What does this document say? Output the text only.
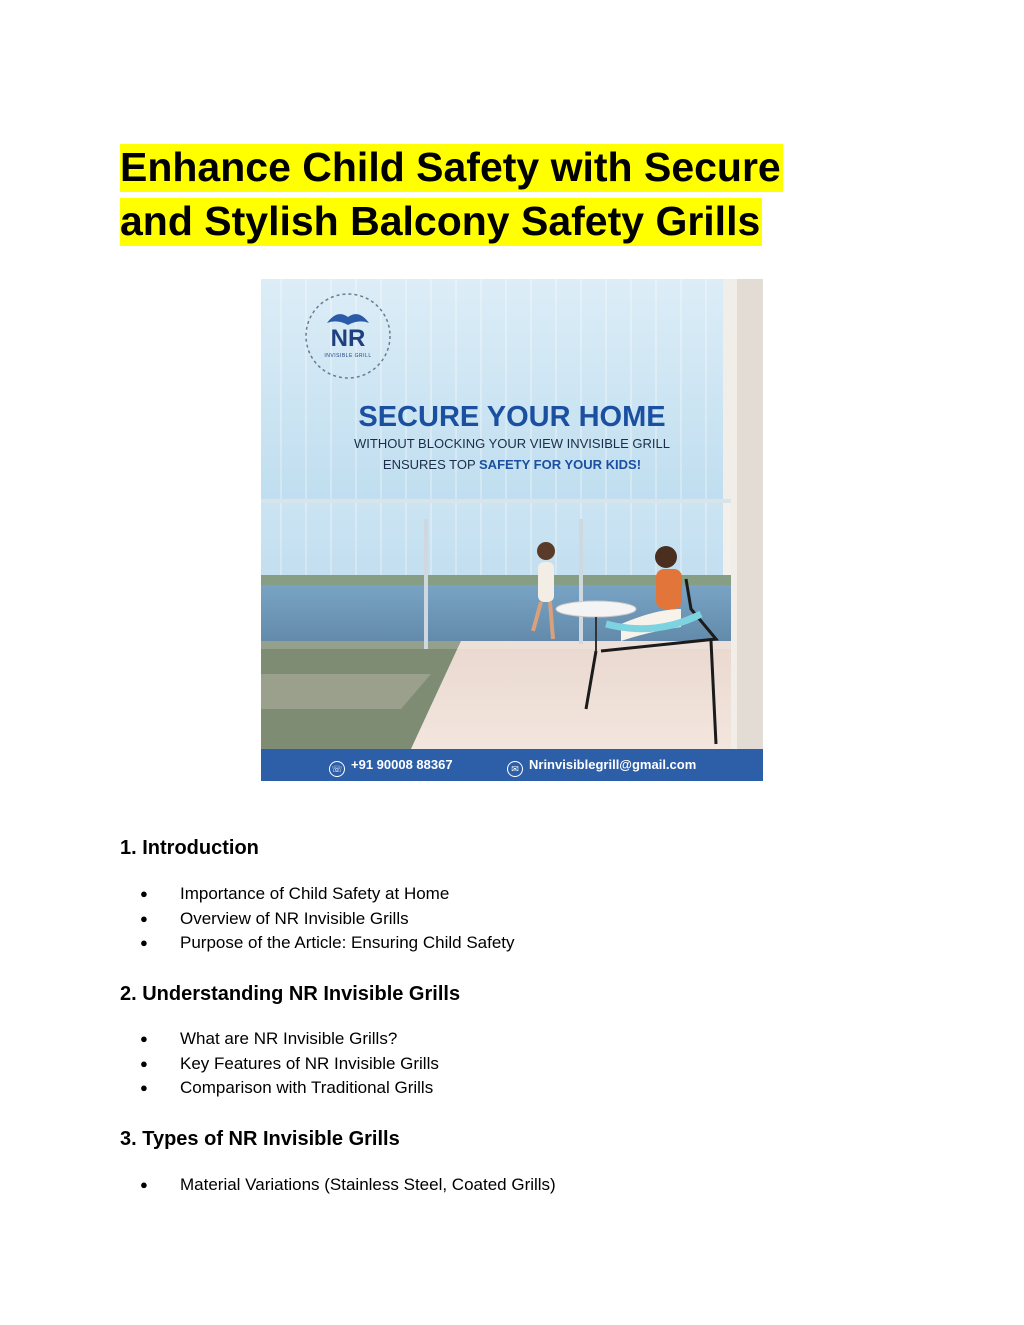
Enhance Child Safety with Secure
and Stylish Balcony Safety Grills
NR
INVISIBLE GRILL
SECURE YOUR HOME
WITHOUT BLOCKING YOUR VIEW INVISIBLE GRILL
ENSURES TOP SAFETY FOR YOUR KIDS!
☏ +91 90008 88367	✉ Nrinvisiblegrill@gmail.com
1. Introduction
● Importance of Child Safety at Home
● Overview of NR Invisible Grills
● Purpose of the Article: Ensuring Child Safety
2. Understanding NR Invisible Grills
● What are NR Invisible Grills?
● Key Features of NR Invisible Grills
● Comparison with Traditional Grills
3. Types of NR Invisible Grills
● Material Variations (Stainless Steel, Coated Grills)
